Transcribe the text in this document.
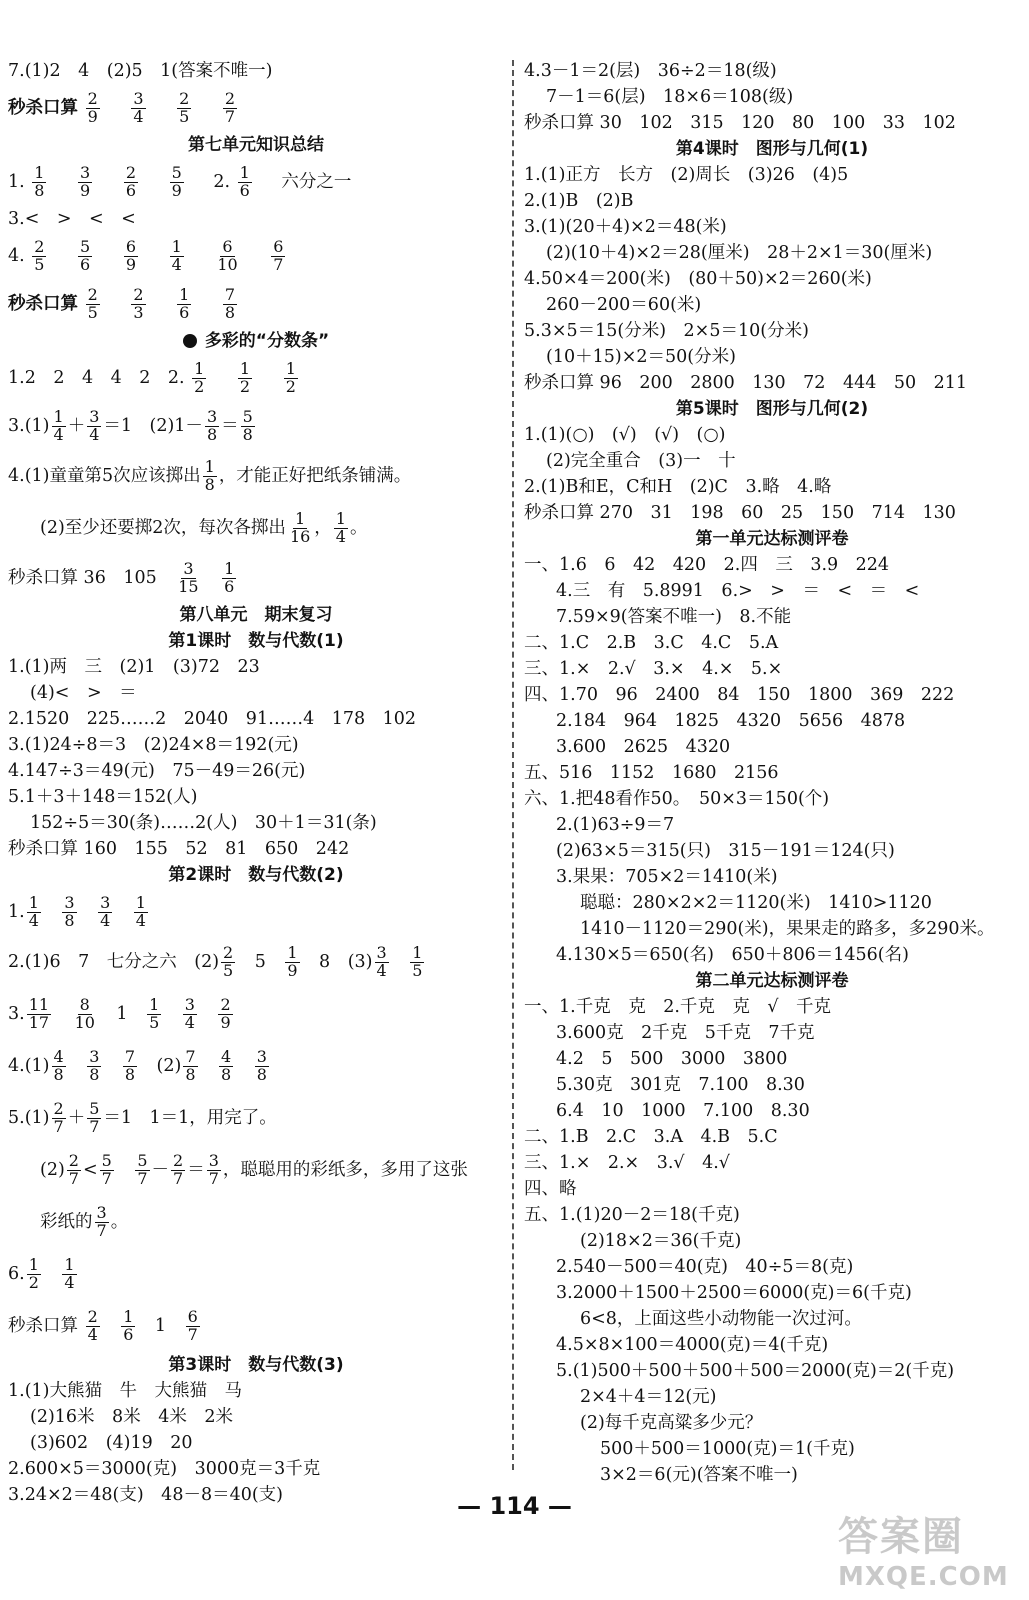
7.(1)2　4　(2)5　1(答案不唯一)
秒杀口算 $\frac{2}{9}$
$\frac{3}{4}$
$\frac{2}{5}$
$\frac{2}{7}$
第七单元知识总结
1. $\frac{1}{8}$
$\frac{3}{9}$
$\frac{2}{6}$
$\frac{5}{9} 2$. $\frac{1}{6}$ 六分之一
3.<　>　<　<
4. $\frac{2}{5}$
$\frac{5}{6}$
$\frac{6}{9}$
$\frac{1}{4}$
$\frac{6}{10}$
$\frac{6}{7}$
秒杀口算 $\frac{2}{5}$
$\frac{2}{3}$
$\frac{1}{6}$
$\frac{7}{8}$
多彩的“分数条”
1.2　2　4　4　2　2. $\frac{1}{2}$
$\frac{1}{2}$
$\frac{1}{2}$
$3.(1) \frac{1}{4} + \frac{3}{4} =1$　$(2)1- \frac{3}{8} = \frac{5}{8}$
4.(1)童童第5次应该掷出 $\frac{1}{8}$ ，才能正好把纸条铺满。
(2)至少还要掷2次，每次各掷出 $\frac{1}{16}$ ， $\frac{1}{4}$ 。
秒杀口算 36　105　 $\frac{3}{15}$
　 $\frac{1}{6}$
第八单元　期末复习
第1课时　数与代数(1)
1.(1)两　三　(2)1　(3)72　23
(4)<　>　＝
2.1520　225……2　2040　91……4　178　102
3.(1)24÷8＝3　(2)24×8＝192(元)
4.147÷3＝49(元)　75－49＝26(元)
5.1＋3＋148＝152(人)
152÷5＝30(条)……2(人)　30＋1＝31(条)
秒杀口算 160　155　52　81　650　242
第2课时　数与代数(2)
1. $\frac{1}{4}$
　 $\frac{3}{8}$
　 $\frac{3}{4}$
　 $\frac{1}{4}$
2.(1)6　7　七分之六　$(2) \frac{2}{5}$ 　5　 $\frac{1}{9}$ 　8　$(3) \frac{3}{4}$
　 $\frac{1}{5}$
3. $\frac{11}{17}$
　 $\frac{8}{10}$ 　1　 $\frac{1}{5}$
　 $\frac{3}{4}$
　 $\frac{2}{9}$
$4.(1) \frac{4}{8}$
　 $\frac{3}{8}$
　 $\frac{7}{8}$ 　$(2) \frac{7}{8}$
　 $\frac{4}{8}$
　 $\frac{3}{8}$
$5.(1) \frac{2}{7} + \frac{5}{7} =1$　1＝1，用完了。
$(2) \frac{2}{7} < \frac{5}{7}$
　 $\frac{5}{7} - \frac{2}{7} = \frac{3}{7}$ ，聪聪用的彩纸多，多用了这张
彩纸的 $\frac{3}{7}$ 。
6. $\frac{1}{2}$
　 $\frac{1}{4}$
秒杀口算 $\frac{2}{4}$
　 $\frac{1}{6}$ 　1　 $\frac{6}{7}$
第3课时　数与代数(3)
1.(1)大熊猫　牛　大熊猫　马
(2)16米　8米　4米　2米
(3)602　(4)19　20
2.600×5＝3000(克)　3000克＝3千克
3.24×2＝48(支)　48－8＝40(支)
4.3－1＝2(层)　36÷2＝18(级)
7－1＝6(层)　18×6＝108(级)
秒杀口算 30　102　315　120　80　100　33　102
第4课时　图形与几何(1)
1.(1)正方　长方　(2)周长　(3)26　(4)5
2.(1)B　(2)B
3.(1)(20＋4)×2＝48(米)
(2)(10＋4)×2＝28(厘米)　28＋2×1＝30(厘米)
4.50×4＝200(米)　(80＋50)×2＝260(米)
260－200＝60(米)
5.3×5＝15(分米)　2×5＝10(分米)
(10＋15)×2＝50(分米)
秒杀口算 96　200　2800　130　72　444　50　211
第5课时　图形与几何(2)
1.(1)(○)　(√)　(√)　(○)
(2)完全重合　(3)一　十
2.(1)B和E，C和H　(2)C　3.略　4.略
秒杀口算 270　31　198　60　25　150　714　130
第一单元达标测评卷
一、1.6　6　42　420　2.四　三　3.9　224
4.三　有　5.8991　6.>　>　＝　<　＝　<
7.59×9(答案不唯一)　8.不能
二、1.C　2.B　3.C　4.C　5.A
三、1.×　2.√　3.×　4.×　5.×
四、1.70　96　2400　84　150　1800　369　222
2.184　964　1825　4320　5656　4878
3.600　2625　4320
五、516　1152　1680　2156
六、1.把48看作50。　50×3＝150(个)
2.(1)63÷9＝7
(2)63×5＝315(只)　315－191＝124(只)
3.果果：705×2＝1410(米)
聪聪：280×2×2＝1120(米)　1410>1120
1410－1120＝290(米)，果果走的路多，多290米。
4.130×5＝650(名)　650＋806＝1456(名)
第二单元达标测评卷
一、1.千克　克　2.千克　克　√　千克
3.600克　2千克　5千克　7千克
4.2　5　500　3000　3800
5.30克　301克　7.100　8.30
6.4　10　1000　7.100　8.30
二、1.B　2.C　3.A　4.B　5.C
三、1.×　2.×　3.√　4.√
四、略
五、1.(1)20－2＝18(千克)
(2)18×2＝36(千克)
2.540－500＝40(克)　40÷5＝8(克)
3.2000＋1500＋2500＝6000(克)＝6(千克)
6<8，上面这些小动物能一次过河。
4.5×8×100＝4000(克)＝4(千克)
5.(1)500＋500＋500＋500＝2000(克)＝2(千克)
2×4＋4＝12(元)
(2)每千克高粱多少元？
500＋500＝1000(克)＝1(千克)
3×2＝6(元)(答案不唯一)
— 114 —
答案圈
MXQE.COM
